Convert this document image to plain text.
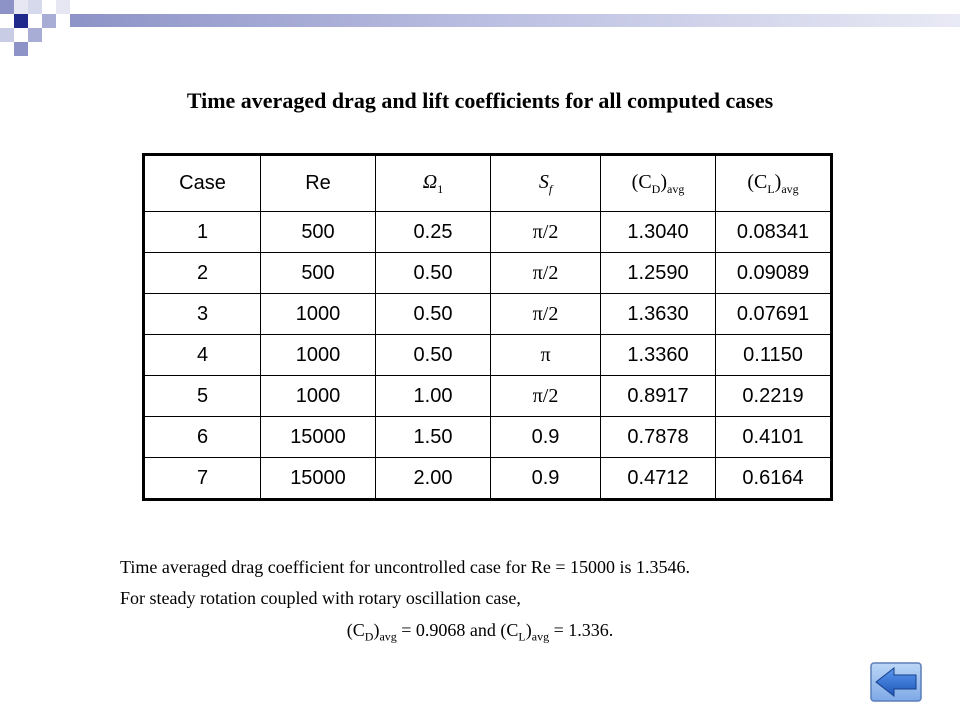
Time averaged drag and lift coefficients for all computed cases
Case	Re	$\Omega_1$	$S_f$	$(C_D)_{avg}$	$(C_L)_{avg}$
1	500	0.25	π/2	1.3040	0.08341
2	500	0.50	π/2	1.2590	0.09089
3	1000	0.50	π/2	1.3630	0.07691
4	1000	0.50	π	1.3360	0.1150
5	1000	1.00	π/2	0.8917	0.2219
6	15000	1.50	0.9	0.7878	0.4101
7	15000	2.00	0.9	0.4712	0.6164
Time averaged drag coefficient for uncontrolled case for Re = 15000 is 1.3546.
For steady rotation coupled with rotary oscillation case,
$(C_D)_{avg} = 0.9068$ and $(C_L)_{avg} = 1.336$.
